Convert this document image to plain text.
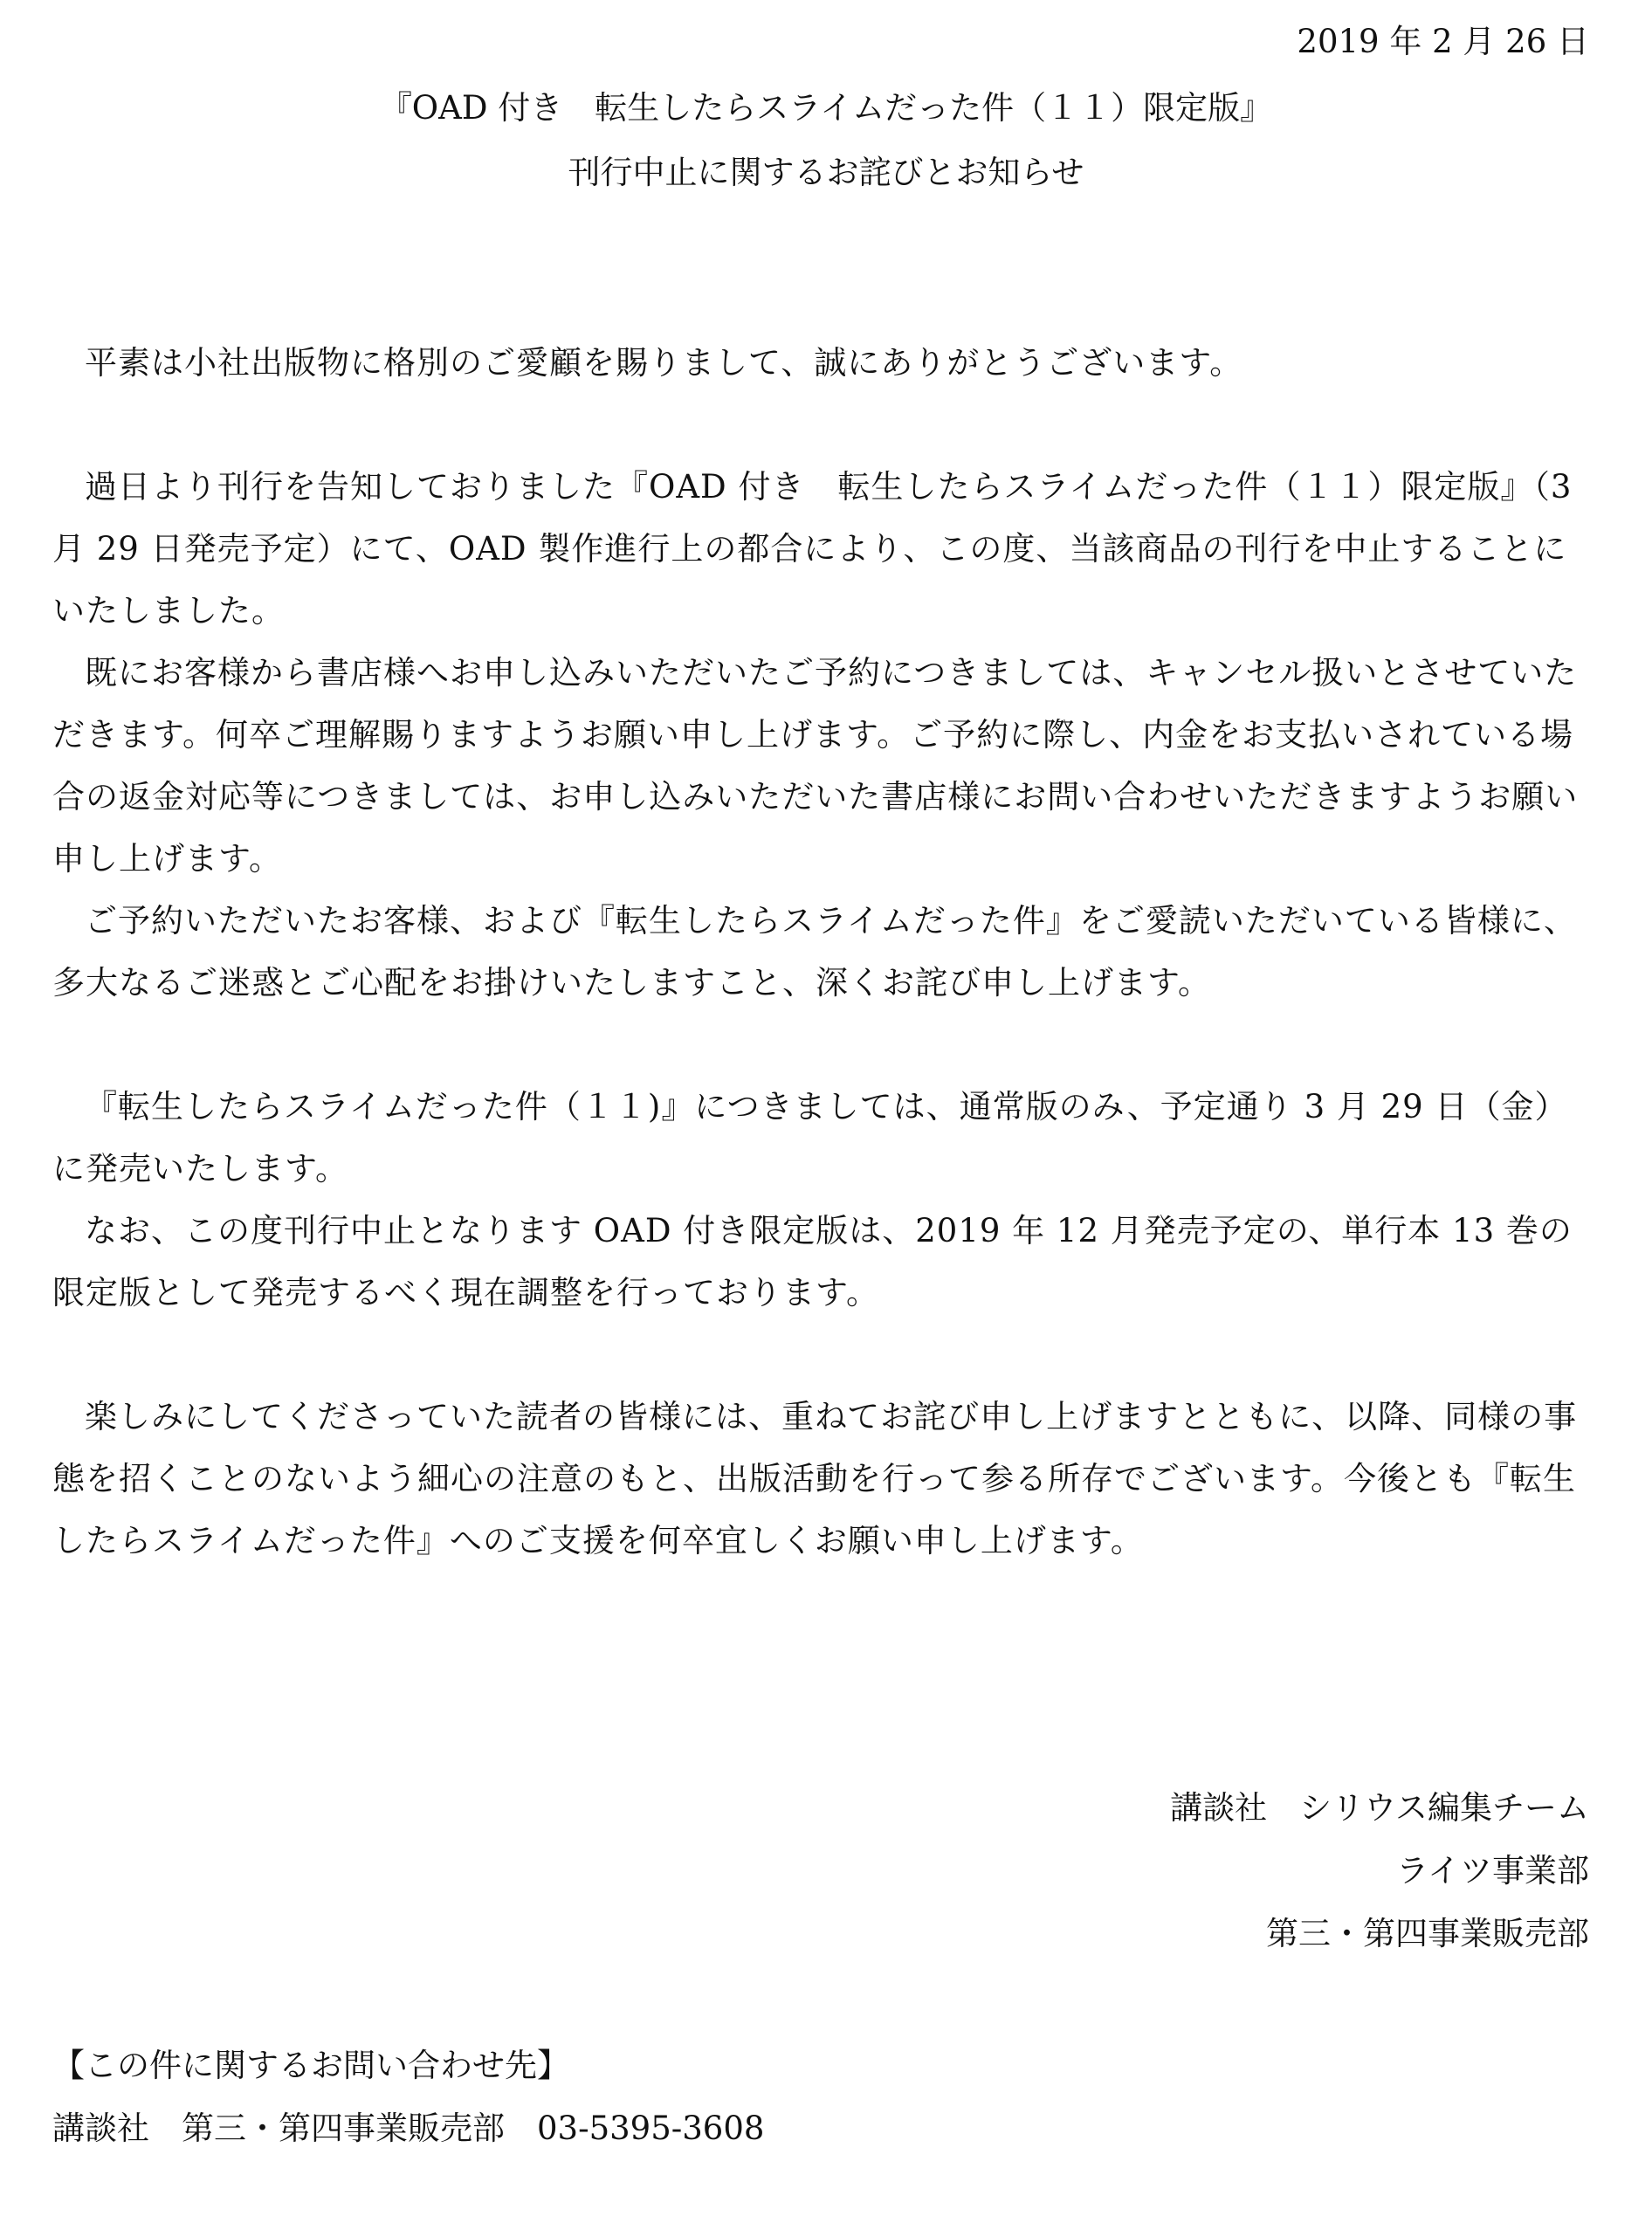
2019 年 2 月 26 日
『OAD 付き　転生したらスライムだった件（１１）限定版』
刊行中止に関するお詫びとお知らせ

平素は小社出版物に格別のご愛顧を賜りまして、誠にありがとうございます。

過日より刊行を告知しておりました『OAD 付き　転生したらスライムだった件（１１）限定版』（3 月 29 日発売予定）にて、OAD 製作進行上の都合により、この度、当該商品の刊行を中止することにいたしました。

既にお客様から書店様へお申し込みいただいたご予約につきましては、キャンセル扱いとさせていただきます。何卒ご理解賜りますようお願い申し上げます。ご予約に際し、内金をお支払いされている場合の返金対応等につきましては、お申し込みいただいた書店様にお問い合わせいただきますようお願い申し上げます。

ご予約いただいたお客様、および『転生したらスライムだった件』をご愛読いただいている皆様に、多大なるご迷惑とご心配をお掛けいたしますこと、深くお詫び申し上げます。

『転生したらスライムだった件（１１)』につきましては、通常版のみ、予定通り 3 月 29 日（金）に発売いたします。

なお、この度刊行中止となります OAD 付き限定版は、2019 年 12 月発売予定の、単行本 13 巻の限定版として発売するべく現在調整を行っております。

楽しみにしてくださっていた読者の皆様には、重ねてお詫び申し上げますとともに、以降、同様の事態を招くことのないよう細心の注意のもと、出版活動を行って参る所存でございます。今後とも『転生したらスライムだった件』へのご支援を何卒宜しくお願い申し上げます。

講談社　シリウス編集チーム
ライツ事業部
第三・第四事業販売部
【この件に関するお問い合わせ先】
講談社　第三・第四事業販売部　03-5395-3608
